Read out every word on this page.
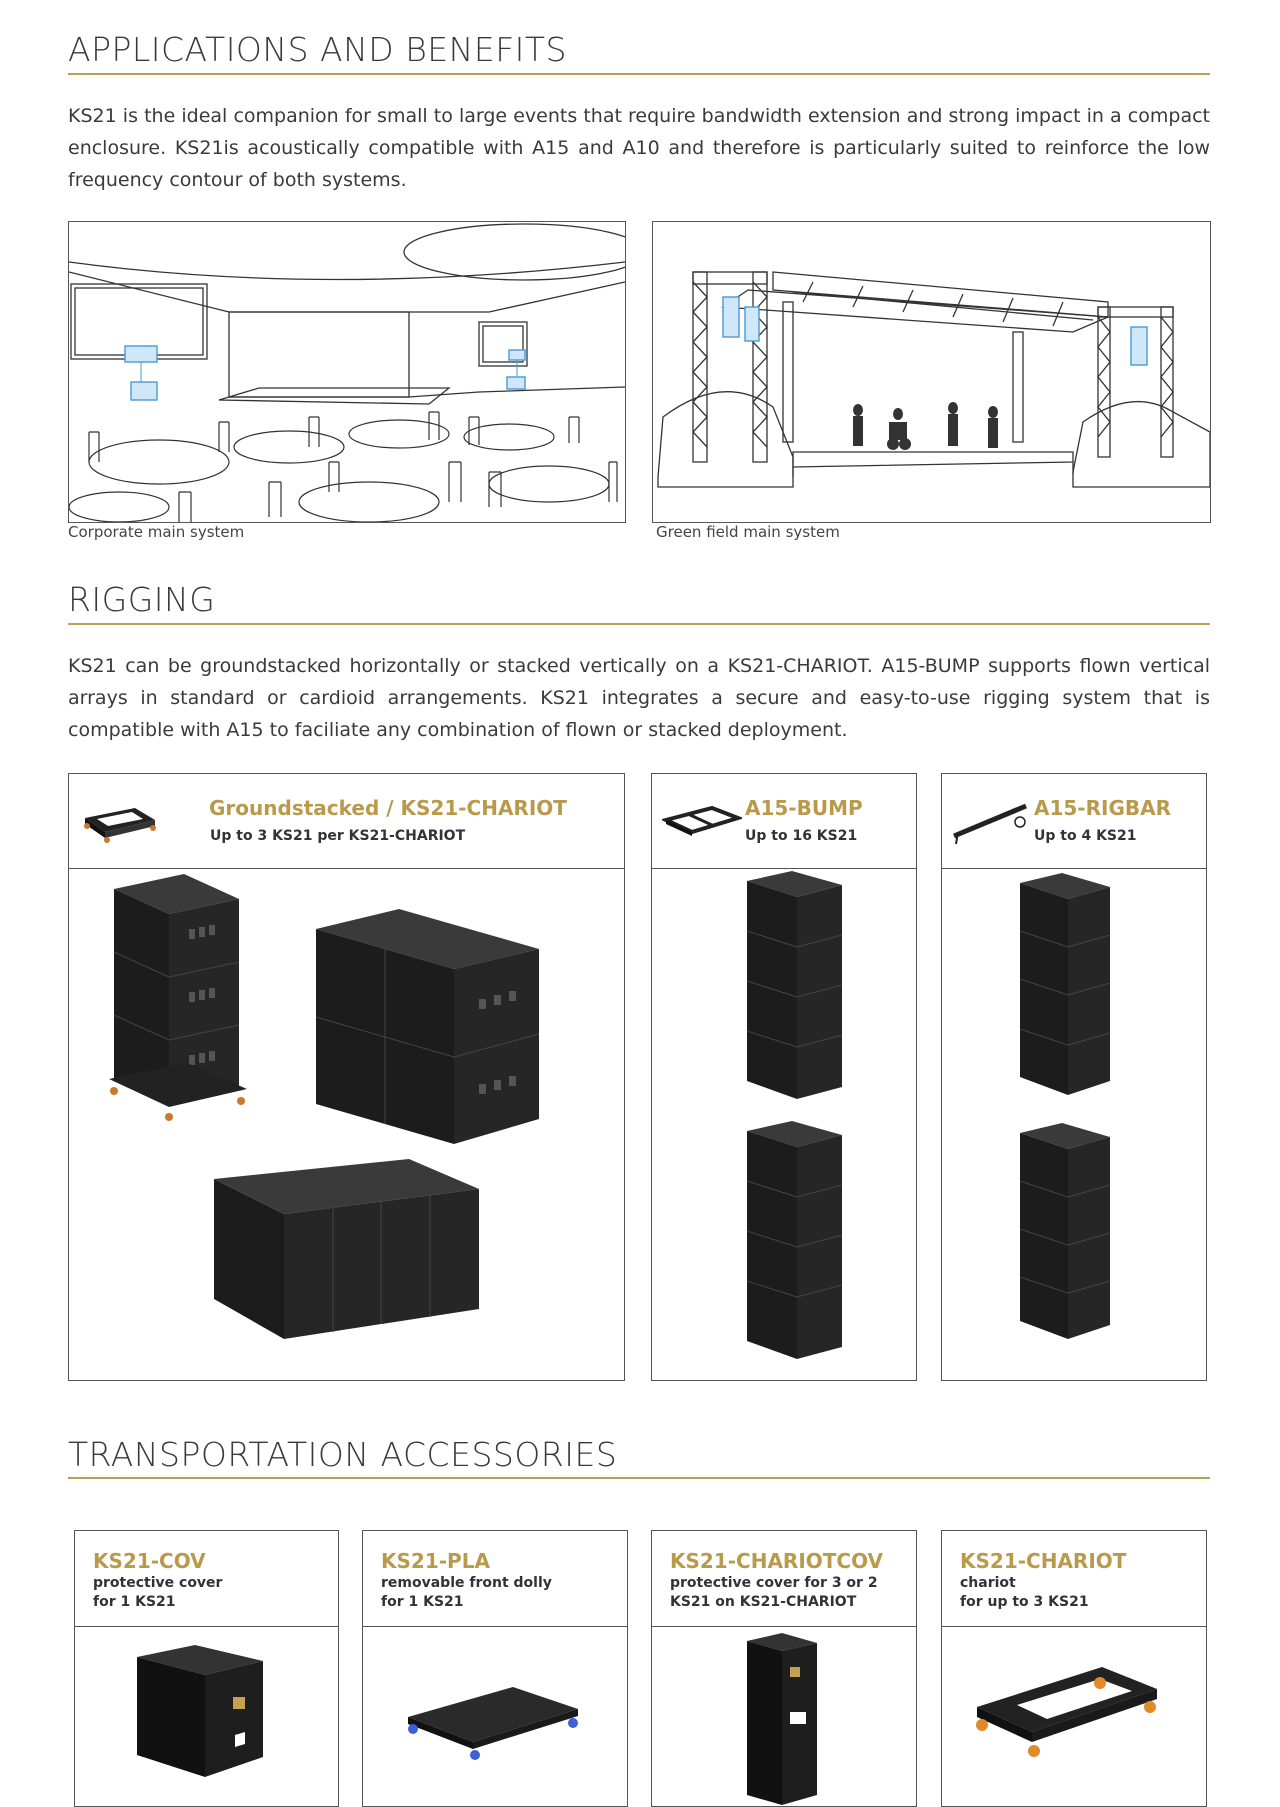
APPLICATIONS AND BENEFITS
KS21 is the ideal companion for small to large events that require bandwidth extension and strong impact in a compact enclosure. KS21is acoustically compatible with A15 and A10 and therefore is particularly suited to reinforce the low frequency contour of both systems.
Corporate main system	Green field main system
RIGGING
KS21 can be groundstacked horizontally or stacked vertically on a KS21-CHARIOT. A15-BUMP supports flown vertical arrays in standard or cardioid arrangements. KS21 integrates a secure and easy-to-use rigging system that is compatible with A15 to faciliate any combination of flown or stacked deployment.
Groundstacked / KS21-CHARIOT
Up to 3 KS21 per KS21-CHARIOT
A15-BUMP
Up to 16 KS21
A15-RIGBAR
Up to 4 KS21
TRANSPORTATION ACCESSORIES
KS21-COV
protective cover
for 1 KS21
KS21-PLA
removable front dolly
for 1 KS21
KS21-CHARIOTCOV
protective cover for 3 or 2
KS21 on KS21-CHARIOT
KS21-CHARIOT
chariot
for up to 3 KS21
